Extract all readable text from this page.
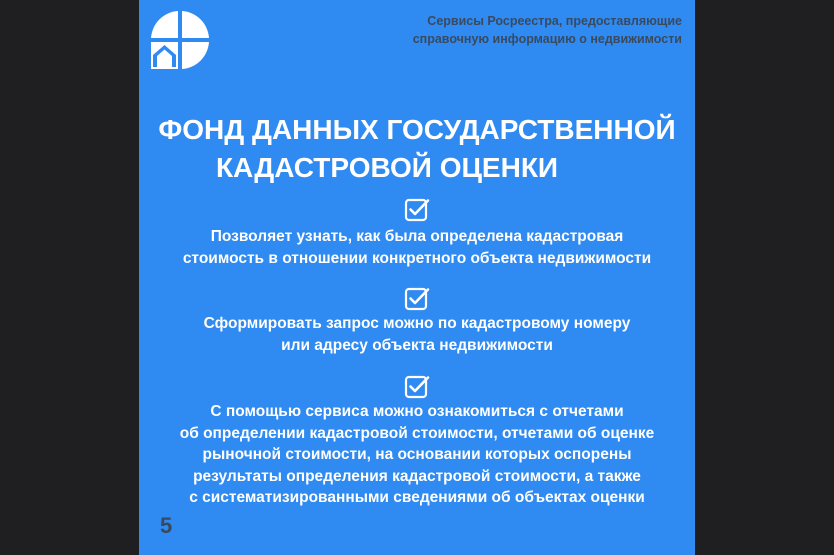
Сервисы Росреестра, предоставляющие
справочную информацию о недвижимости
ФОНД ДАННЫХ ГОСУДАРСТВЕННОЙ
КАДАСТРОВОЙ ОЦЕНКИ
Позволяет узнать, как была определена кадастровая
стоимость в отношении конкретного объекта недвижимости
Сформировать запрос можно по кадастровому номеру
или адресу объекта недвижимости
С помощью сервиса можно ознакомиться с отчетами
об определении кадастровой стоимости, отчетами об оценке
рыночной стоимости, на основании которых оспорены
результаты определения кадастровой стоимости, а также
с систематизированными сведениями об объектах оценки
5
